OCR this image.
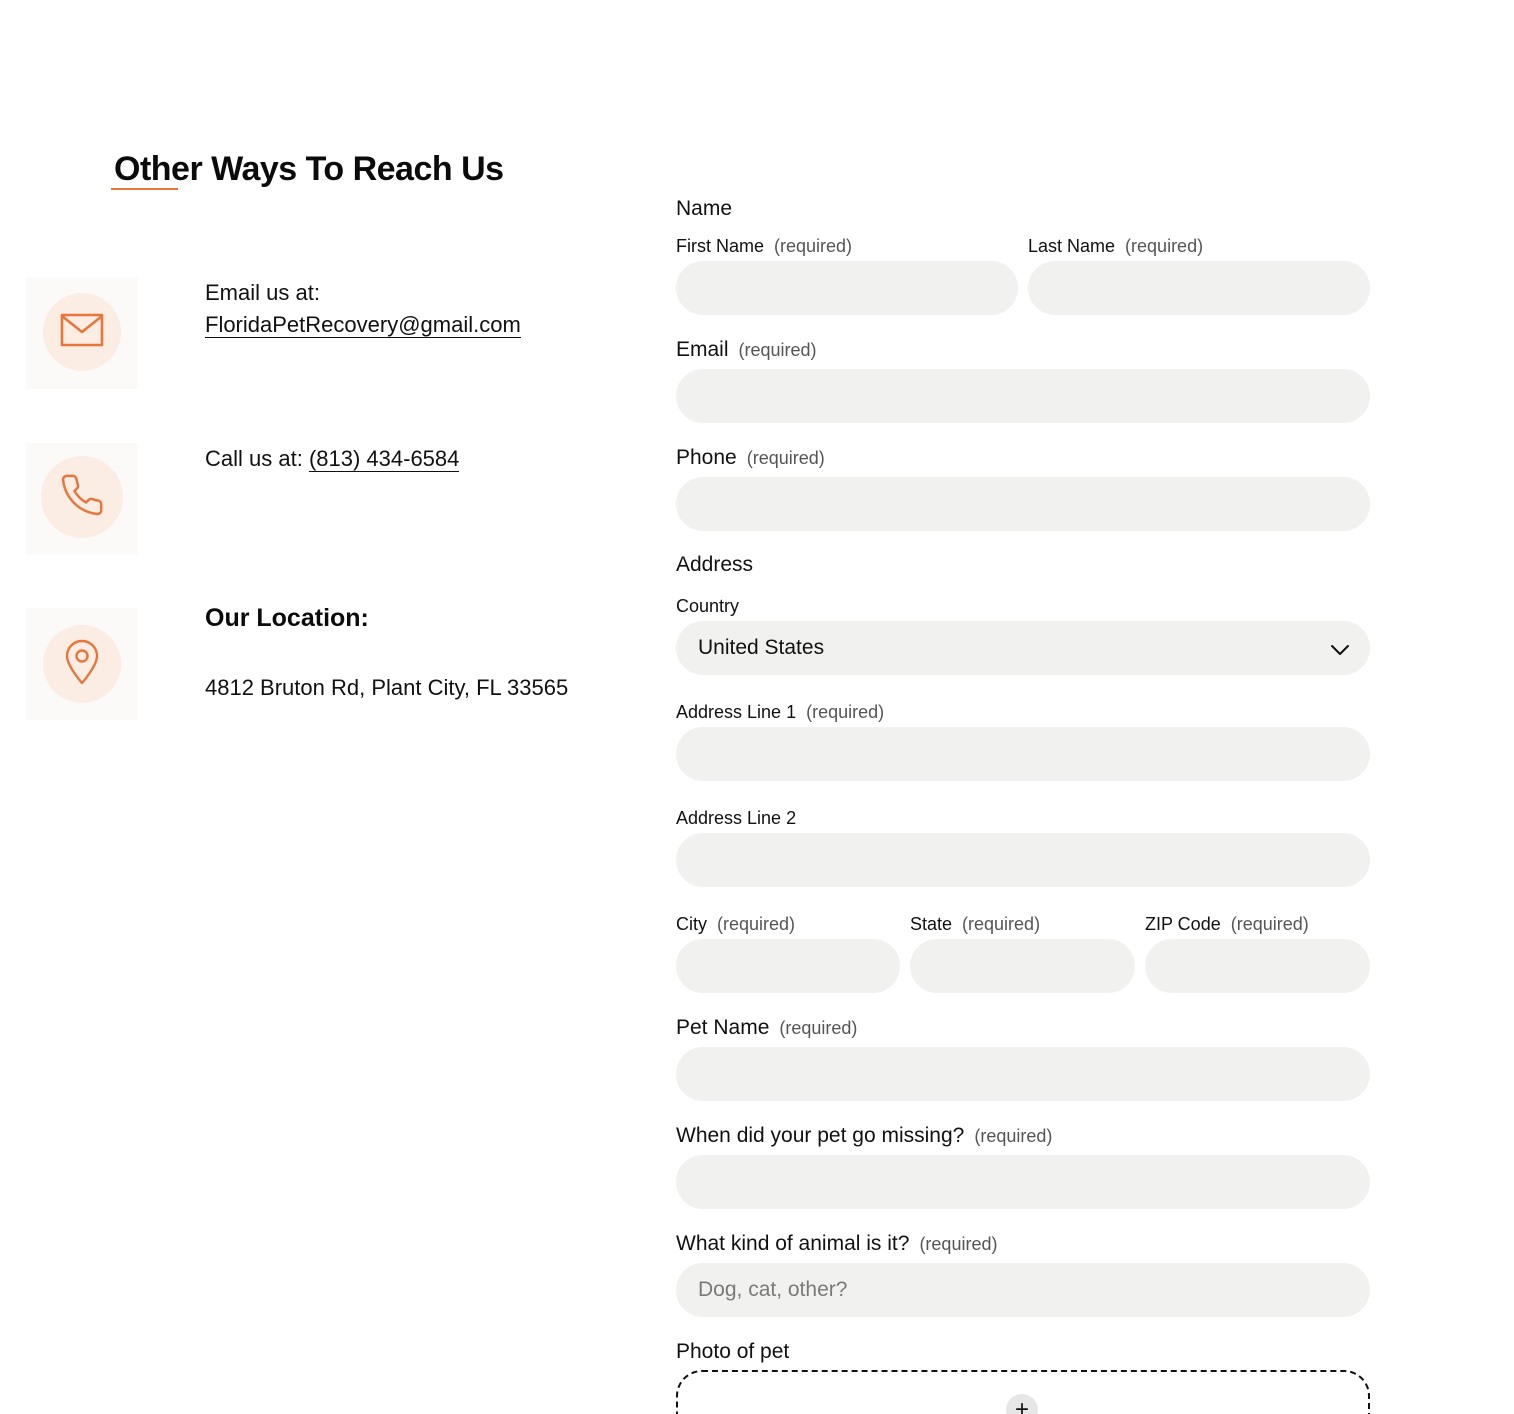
Other Ways To Reach Us
Email us at:
FloridaPetRecovery@gmail.com
Call us at: (813) 434-6584
Our Location:
4812 Bruton Rd, Plant City, FL 33565
Name
First Name (required)	Last Name (required)
Email (required)
Phone (required)
Address
Country
United States
Address Line 1 (required)
Address Line 2
City (required)	State (required)	ZIP Code (required)
Pet Name (required)
When did your pet go missing? (required)
What kind of animal is it? (required)
Dog, cat, other?
Photo of pet
+
